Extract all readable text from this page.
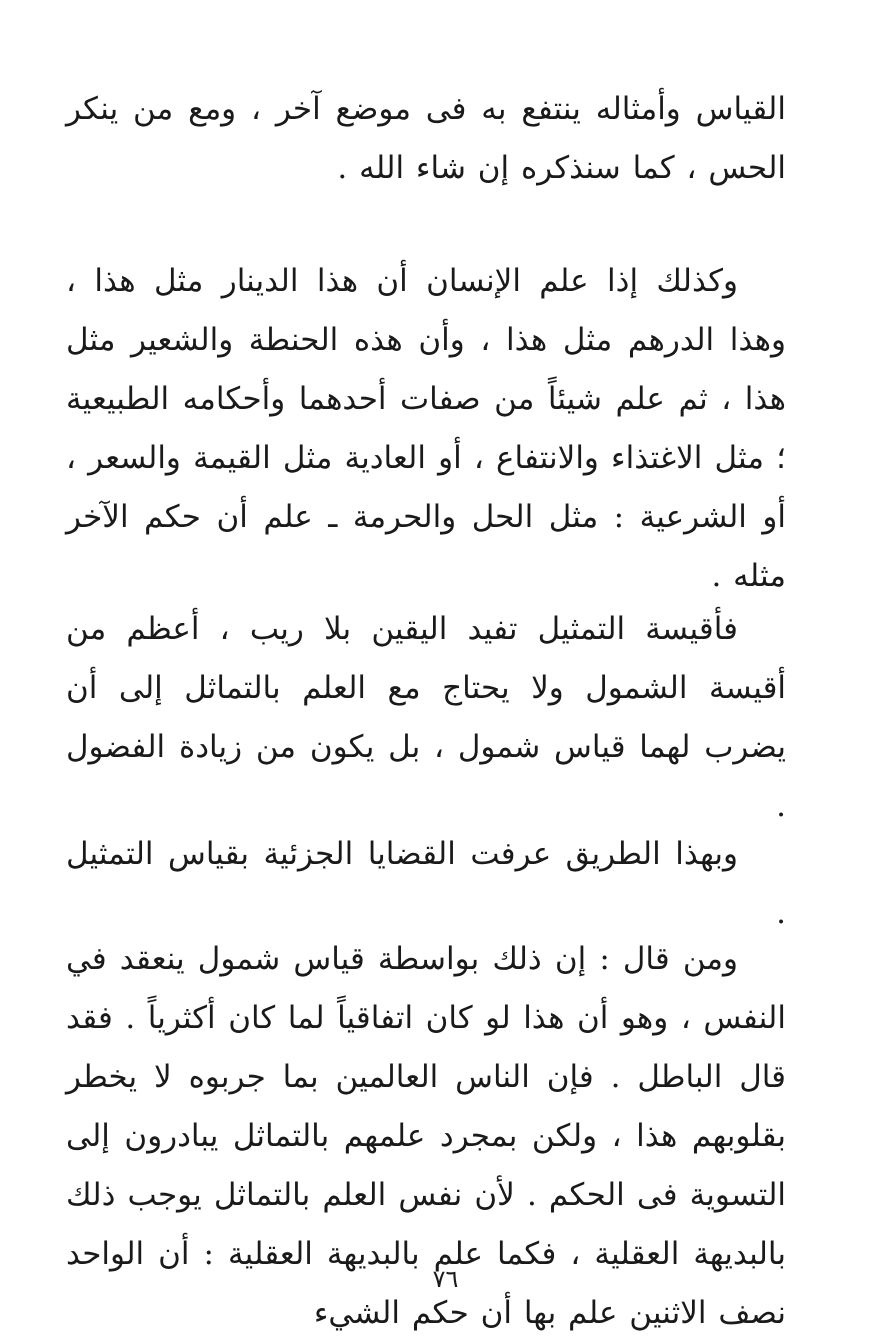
القياس وأمثاله ينتفع به فى موضع آخر ، ومع من ينكر الحس ، كما سنذكره إن شاء الله .

وكذلك إذا علم الإنسان أن هذا الدينار مثل هذا ، وهذا الدرهم مثل هذا ، وأن هذه الحنطة والشعير مثل هذا ، ثم علم شيئاً من صفات أحدهما وأحكامه الطبيعية ؛ مثل الاغتذاء والانتفاع ، أو العادية مثل القيمة والسعر ، أو الشرعية : مثل الحل والحرمة ـ علم أن حكم الآخر مثله .

فأقيسة التمثيل تفيد اليقين بلا ريب ، أعظم من أقيسة الشمول ولا يحتاج مع العلم بالتماثل إلى أن يضرب لهما قياس شمول ، بل يكون من زيادة الفضول .

وبهذا الطريق عرفت القضايا الجزئية بقياس التمثيل .

ومن قال : إن ذلك بواسطة قياس شمول ينعقد في النفس ، وهو أن هذا لو كان اتفاقياً لما كان أكثرياً . فقد قال الباطل . فإن الناس العالمين بما جربوه لا يخطر بقلوبهم هذا ، ولكن بمجرد علمهم بالتماثل يبادرون إلى التسوية فى الحكم . لأن نفس العلم بالتماثل يوجب ذلك بالبديهة العقلية ، فكما علم بالبديهة العقلية : أن الواحد نصف الاثنين علم بها أن حكم الشيء

٧٦
